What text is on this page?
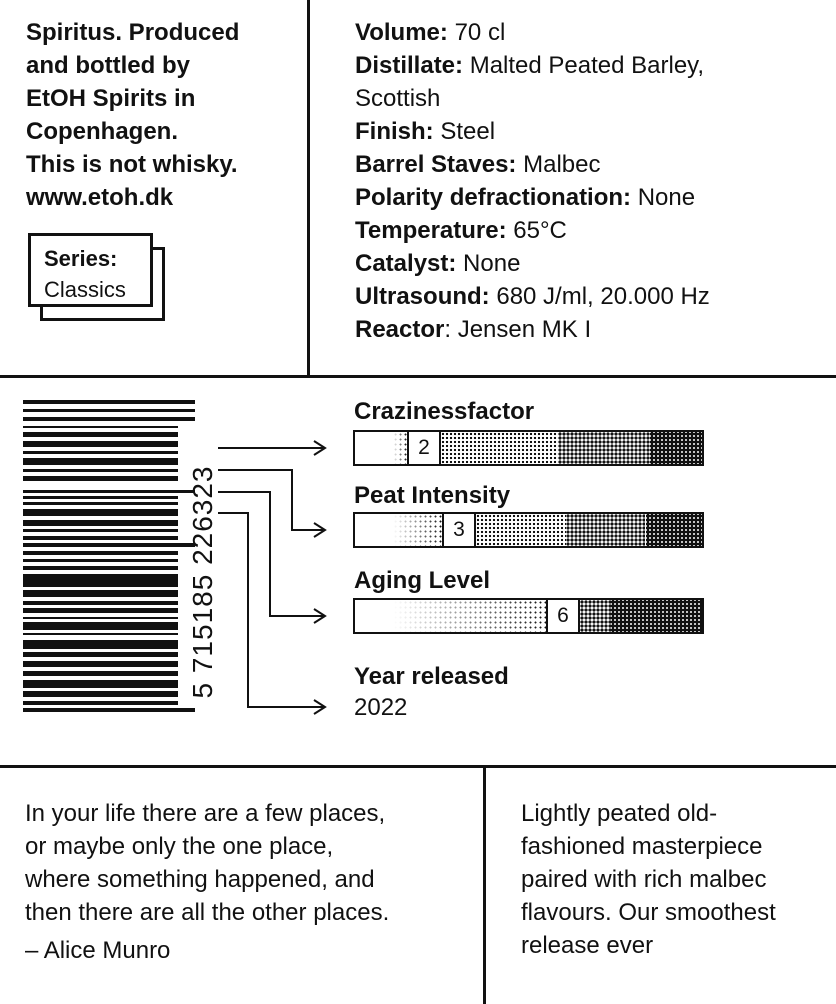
Spiritus. Produced
and bottled by
EtOH Spirits in
Copenhagen.
This is not whisky.
www.etoh.dk
Series:
Classics
Volume: 70 cl
Distillate: Malted Peated Barley,
Scottish
Finish: Steel
Barrel Staves: Malbec
Polarity defractionation: None
Temperature: 65°C
Catalyst: None
Ultrasound: 680 J/ml, 20.000 Hz
Reactor: Jensen MK I
5 715185 226323
Crazinessfactor
2
Peat Intensity
3
Aging Level
6
Year released
2022
In your life there are a few places,
or maybe only the one place,
where something happened, and
then there are all the other places.
– Alice Munro
Lightly peated old-
fashioned masterpiece
paired with rich malbec
flavours. Our smoothest
release ever
